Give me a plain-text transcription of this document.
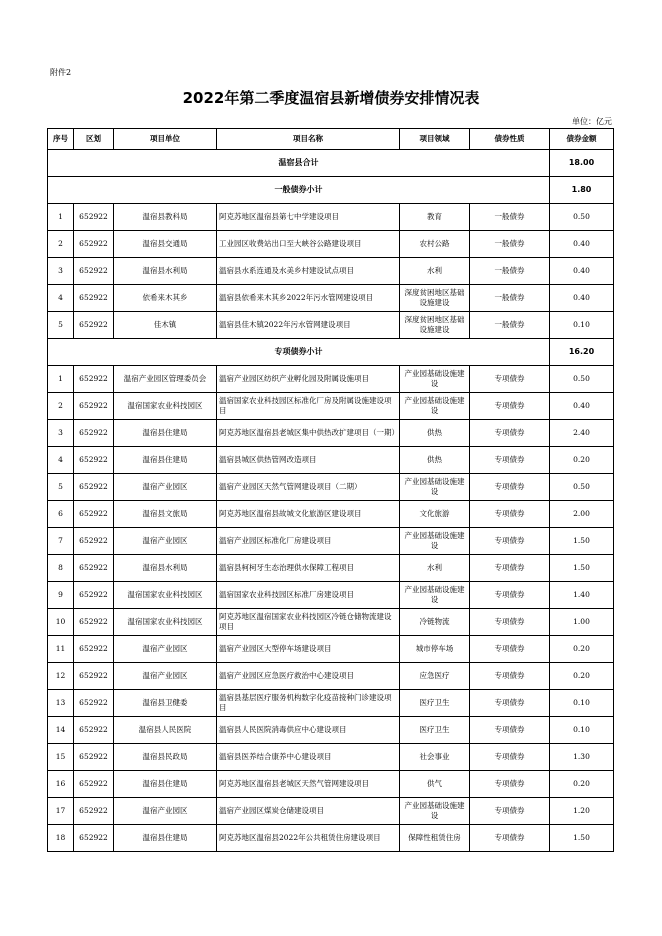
附件2
2022年第二季度温宿县新增债券安排情况表
单位：亿元
序号	区划	项目单位	项目名称	项目领域	债券性质	债券金额
温宿县合计						18.00
一般债券小计						1.80
1	652922	温宿县教科局	阿克苏地区温宿县第七中学建设项目	教育	一般债券	0.50
2	652922	温宿县交通局	工业园区收费站出口至大峡谷公路建设项目	农村公路	一般债券	0.40
3	652922	温宿县水利局	温宿县水系连通及水美乡村建设试点项目	水利	一般债券	0.40
4	652922	依希来木其乡	温宿县依希来木其乡2022年污水管网建设项目	深度贫困地区基础设施建设	一般债券	0.40
5	652922	佳木镇	温宿县佳木镇2022年污水管网建设项目	深度贫困地区基础设施建设	一般债券	0.10
专项债券小计						16.20
1	652922	温宿产业园区管理委员会	温宿产业园区纺织产业孵化园及附属设施项目	产业园基础设施建设	专项债券	0.50
2	652922	温宿国家农业科技园区	温宿国家农业科技园区标准化厂房及附属设施建设项目	产业园基础设施建设	专项债券	0.40
3	652922	温宿县住建局	阿克苏地区温宿县老城区集中供热改扩建项目（一期）	供热	专项债券	2.40
4	652922	温宿县住建局	温宿县城区供热管网改造项目	供热	专项债券	0.20
5	652922	温宿产业园区	温宿产业园区天然气管网建设项目（二期）	产业园基础设施建设	专项债券	0.50
6	652922	温宿县文旅局	阿克苏地区温宿县故城文化旅游区建设项目	文化旅游	专项债券	2.00
7	652922	温宿产业园区	温宿产业园区标准化厂房建设项目	产业园基础设施建设	专项债券	1.50
8	652922	温宿县水利局	温宿县柯柯牙生态治理供水保障工程项目	水利	专项债券	1.50
9	652922	温宿国家农业科技园区	温宿国家农业科技园区标准厂房建设项目	产业园基础设施建设	专项债券	1.40
10	652922	温宿国家农业科技园区	阿克苏地区温宿国家农业科技园区冷链仓储物流建设项目	冷链物流	专项债券	1.00
11	652922	温宿产业园区	温宿产业园区大型停车场建设项目	城市停车场	专项债券	0.20
12	652922	温宿产业园区	温宿产业园区应急医疗救治中心建设项目	应急医疗	专项债券	0.20
13	652922	温宿县卫健委	温宿县基层医疗服务机构数字化疫苗接种门诊建设项目	医疗卫生	专项债券	0.10
14	652922	温宿县人民医院	温宿县人民医院消毒供应中心建设项目	医疗卫生	专项债券	0.10
15	652922	温宿县民政局	温宿县医养结合康养中心建设项目	社会事业	专项债券	1.30
16	652922	温宿县住建局	阿克苏地区温宿县老城区天然气管网建设项目	供气	专项债券	0.20
17	652922	温宿产业园区	温宿产业园区煤炭仓储建设项目	产业园基础设施建设	专项债券	1.20
18	652922	温宿县住建局	阿克苏地区温宿县2022年公共租赁住房建设项目	保障性租赁住房	专项债券	1.50
